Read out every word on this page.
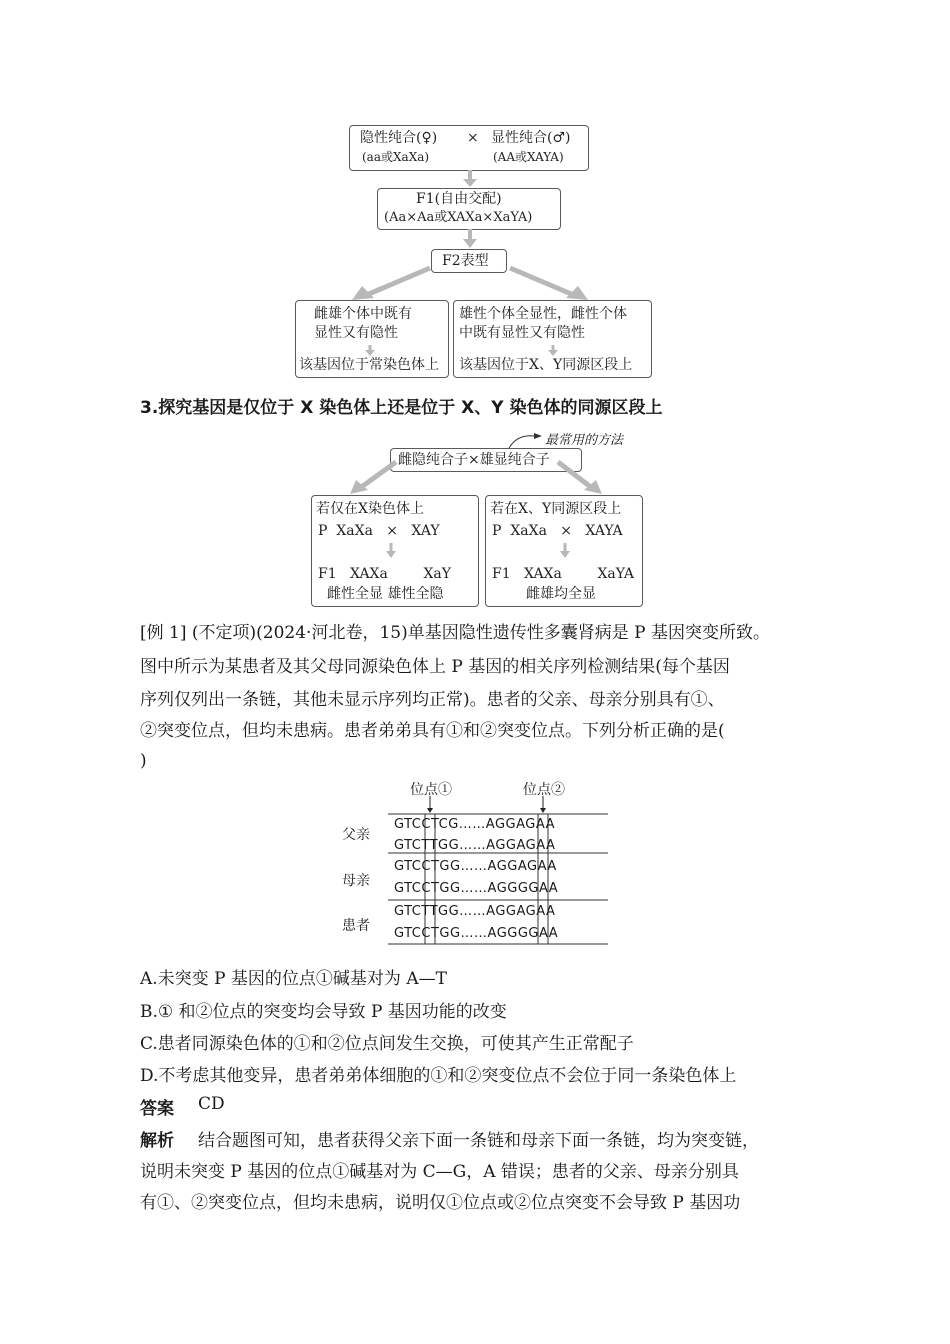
隐性纯合(♀) × 显性纯合(♂)
(aa或XaXa)	(AA或XAYA)
F1(自由交配)
(Aa×Aa或XAXa×XaYA)
F2表型
雌雄个体中既有
显性又有隐性
该基因位于常染色体上
雄性个体全显性，雌性个体
中既有显性又有隐性
该基因位于X、Y同源区段上
3.探究基因是仅位于 X 染色体上还是位于 X、Y 染色体的同源区段上
最常用的方法
雌隐纯合子×雄显纯合子
若仅在X染色体上
P  XaXa   ×   XAY
F1   XAXa        XaY
雌性全显 雄性全隐
若在X、Y同源区段上
P  XaXa   ×   XAYA
F1   XAXa        XaYA
雌雄均全显
[例 1] (不定项)(2024·河北卷，15)单基因隐性遗传性多囊肾病是 P 基因突变所致。
图中所示为某患者及其父母同源染色体上 P 基因的相关序列检测结果(每个基因
序列仅列出一条链，其他未显示序列均正常)。患者的父亲、母亲分别具有①、
②突变位点，但均未患病。患者弟弟具有①和②突变位点。下列分析正确的是(
)
位点①	位点②
父亲
母亲
患者
GTCCTCG……AGGAGAA
GTCTTGG……AGGAGAA
GTCCTGG……AGGAGAA
GTCCTGG……AGGGGAA
GTCTTGG……AGGAGAA
GTCCTGG……AGGGGAA
A.未突变 P 基因的位点①碱基对为 A—T
B.① 和②位点的突变均会导致 P 基因功能的改变
C.患者同源染色体的①和②位点间发生交换，可使其产生正常配子
D.不考虑其他变异，患者弟弟体细胞的①和②突变位点不会位于同一条染色体上
答案 CD
解析 结合题图可知，患者获得父亲下面一条链和母亲下面一条链，均为突变链，
说明未突变 P 基因的位点①碱基对为 C—G，A 错误；患者的父亲、母亲分别具
有①、②突变位点，但均未患病，说明仅①位点或②位点突变不会导致 P 基因功
